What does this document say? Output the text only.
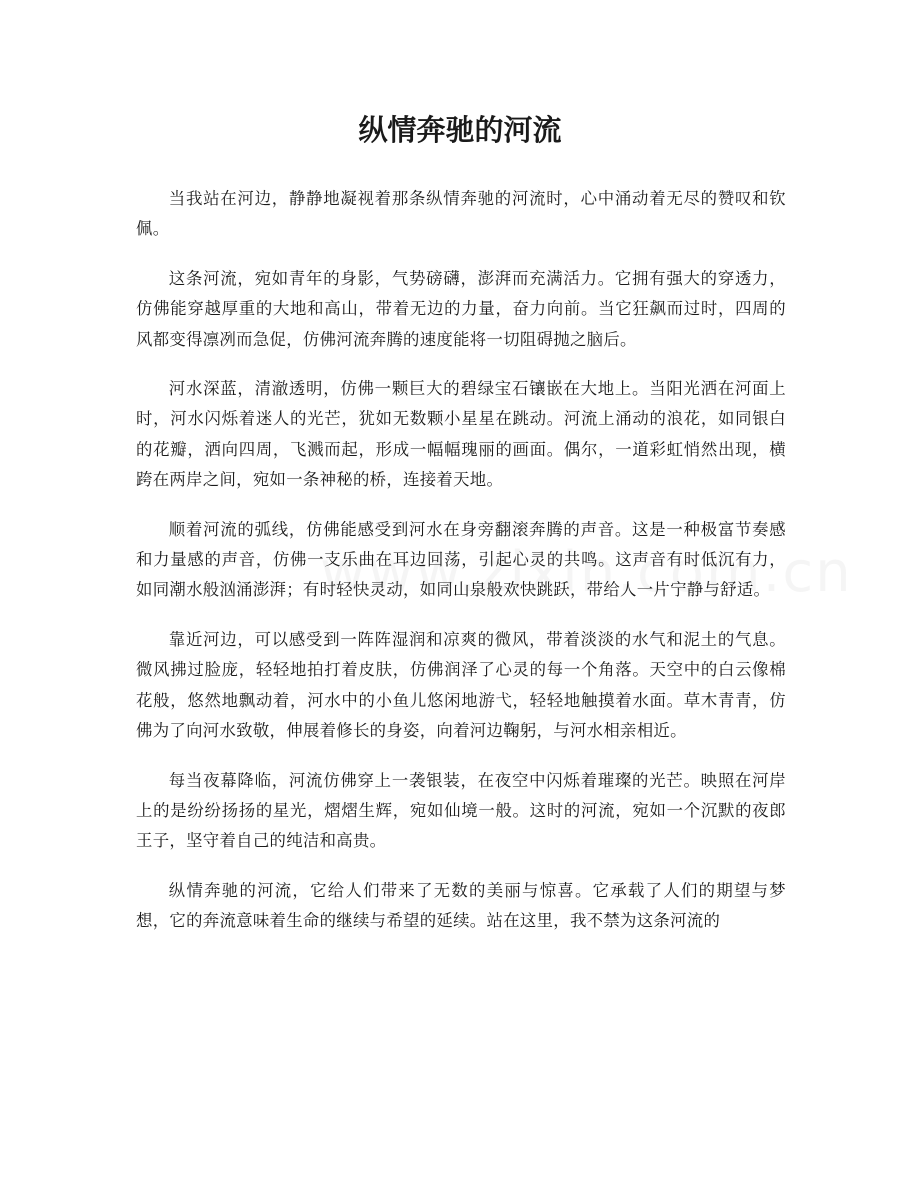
纵情奔驰的河流

当我站在河边，静静地凝视着那条纵情奔驰的河流时，心中涌动着无尽的赞叹和钦佩。

这条河流，宛如青年的身影，气势磅礴，澎湃而充满活力。它拥有强大的穿透力，仿佛能穿越厚重的大地和高山，带着无边的力量，奋力向前。当它狂飙而过时，四周的风都变得凛冽而急促，仿佛河流奔腾的速度能将一切阻碍抛之脑后。

河水深蓝，清澈透明，仿佛一颗巨大的碧绿宝石镶嵌在大地上。当阳光洒在河面上时，河水闪烁着迷人的光芒，犹如无数颗小星星在跳动。河流上涌动的浪花，如同银白的花瓣，洒向四周，飞溅而起，形成一幅幅瑰丽的画面。偶尔，一道彩虹悄然出现，横跨在两岸之间，宛如一条神秘的桥，连接着天地。

顺着河流的弧线，仿佛能感受到河水在身旁翻滚奔腾的声音。这是一种极富节奏感和力量感的声音，仿佛一支乐曲在耳边回荡，引起心灵的共鸣。这声音有时低沉有力，如同潮水般汹涌澎湃；有时轻快灵动，如同山泉般欢快跳跃，带给人一片宁静与舒适。

靠近河边，可以感受到一阵阵湿润和凉爽的微风，带着淡淡的水气和泥土的气息。微风拂过脸庞，轻轻地拍打着皮肤，仿佛润泽了心灵的每一个角落。天空中的白云像棉花般，悠然地飘动着，河水中的小鱼儿悠闲地游弋，轻轻地触摸着水面。草木青青，仿佛为了向河水致敬，伸展着修长的身姿，向着河边鞠躬，与河水相亲相近。

每当夜幕降临，河流仿佛穿上一袭银装，在夜空中闪烁着璀璨的光芒。映照在河岸上的是纷纷扬扬的星光，熠熠生辉，宛如仙境一般。这时的河流，宛如一个沉默的夜郎王子，坚守着自己的纯洁和高贵。

纵情奔驰的河流，它给人们带来了无数的美丽与惊喜。它承载了人们的期望与梦想，它的奔流意味着生命的继续与希望的延续。站在这里，我不禁为这条河流的
